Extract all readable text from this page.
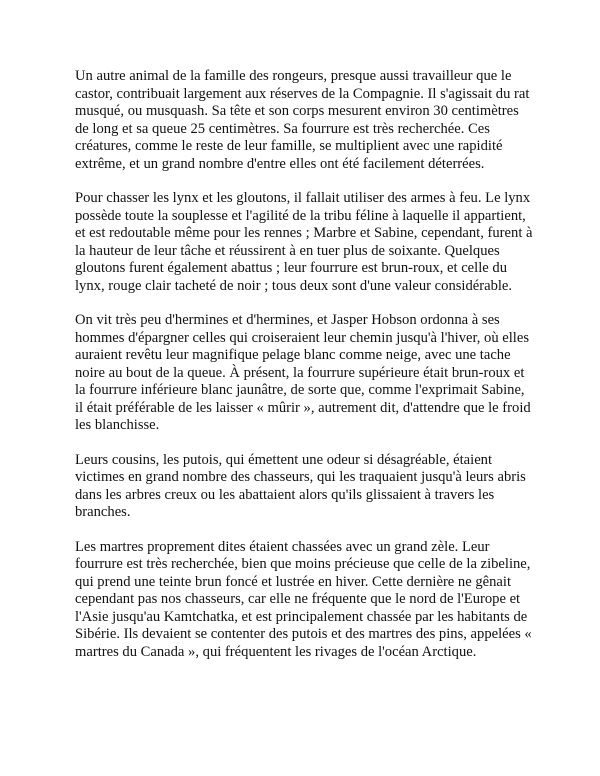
Un autre animal de la famille des rongeurs, presque aussi travailleur que le castor, contribuait largement aux réserves de la Compagnie. Il s'agissait du rat musqué, ou musquash. Sa tête et son corps mesurent environ 30 centimètres de long et sa queue 25 centimètres. Sa fourrure est très recherchée. Ces créatures, comme le reste de leur famille, se multiplient avec une rapidité extrême, et un grand nombre d'entre elles ont été facilement déterrées.

Pour chasser les lynx et les gloutons, il fallait utiliser des armes à feu. Le lynx possède toute la souplesse et l'agilité de la tribu féline à laquelle il appartient, et est redoutable même pour les rennes ; Marbre et Sabine, cependant, furent à la hauteur de leur tâche et réussirent à en tuer plus de soixante. Quelques gloutons furent également abattus ; leur fourrure est brun-roux, et celle du lynx, rouge clair tacheté de noir ; tous deux sont d'une valeur considérable.

On vit très peu d'hermines et d'hermines, et Jasper Hobson ordonna à ses hommes d'épargner celles qui croiseraient leur chemin jusqu'à l'hiver, où elles auraient revêtu leur magnifique pelage blanc comme neige, avec une tache noire au bout de la queue. À présent, la fourrure supérieure était brun-roux et la fourrure inférieure blanc jaunâtre, de sorte que, comme l'exprimait Sabine, il était préférable de les laisser « mûrir », autrement dit, d'attendre que le froid les blanchisse.

Leurs cousins, les putois, qui émettent une odeur si désagréable, étaient victimes en grand nombre des chasseurs, qui les traquaient jusqu'à leurs abris dans les arbres creux ou les abattaient alors qu'ils glissaient à travers les branches.

Les martres proprement dites étaient chassées avec un grand zèle. Leur fourrure est très recherchée, bien que moins précieuse que celle de la zibeline, qui prend une teinte brun foncé et lustrée en hiver. Cette dernière ne gênait cependant pas nos chasseurs, car elle ne fréquente que le nord de l'Europe et l'Asie jusqu'au Kamtchatka, et est principalement chassée par les habitants de Sibérie. Ils devaient se contenter des putois et des martres des pins, appelées « martres du Canada », qui fréquentent les rivages de l'océan Arctique.
